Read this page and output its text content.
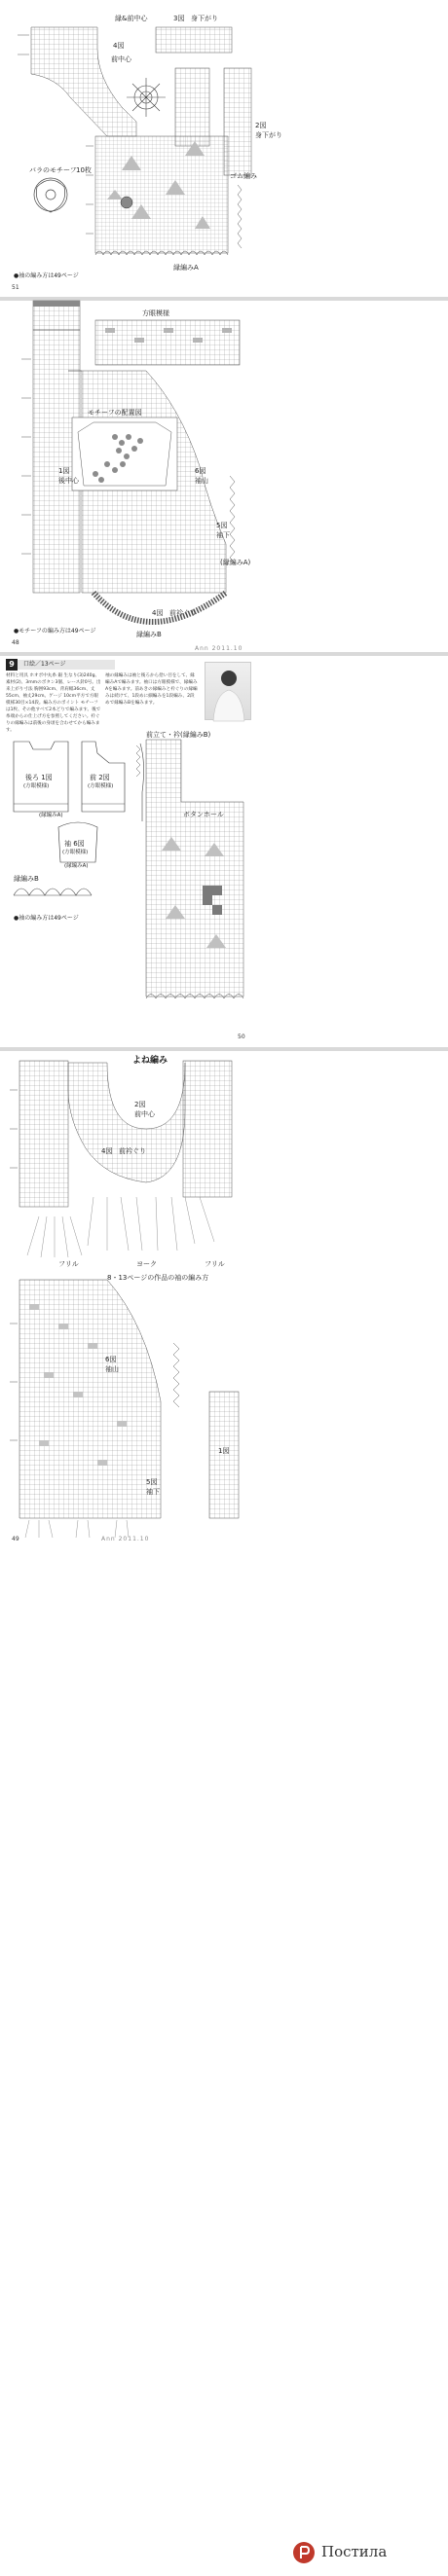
縁&前中心	3図 身下がり
4図
前中心
2図
身下がり
バラのモチーフ 10枚
縁編みA
ゴム編み
●袖の編み方は49ページ
51
方眼模様
1図
後中心
モチーフの配置図
6図
袖山
5図
袖下
(縁編みA)
4図 前衿ぐり
縁編みB
●モチーフの編み方は49ページ
48
Ann 2011.10
口絵／13ページ
9
材料と用具 ホオポ中丸糸 銀 生なり(3)240g、素材(2)、3mmのボタン3個、レース針0号。出来上がり寸法 胸囲93cm、背肩幅36cm、丈55cm、袖丈29cm。ゲージ 10cm平方で方眼模様30目×14段。編み方のポイント モチーフは1枚、その他すべて2本どりで編みます。後で糸端からの仕上げ方を参照してください。衿ぐりの縁編みは前後の身頃を合わせてから編みます。
袖の縁編みは袖と後ろから拾い目をして、縁編みAで編みます。袖口は方眼模様で、縁編みAを編みます。前あきの縁編みと衿ぐりの縁編みは続けて、1段めに細編みを1段編み、2段めで縁編みBを編みます。
後ろ 1図
(方眼模様)
前 2図
(方眼模様)
(縁編みA)
袖 6図
(方眼模様)
(縁編みA)
縁編みB
前立て・衿(縁編みB)
ボタンホール
●袖の編み方は49ページ
50
よね編み
2図
前中心
4図 前衿ぐり
フリル	ヨーク	フリル
8・13ページの作品の袖の編み方
6図
袖山
1図
5図
袖下
49	Ann 2011.10
Постила
